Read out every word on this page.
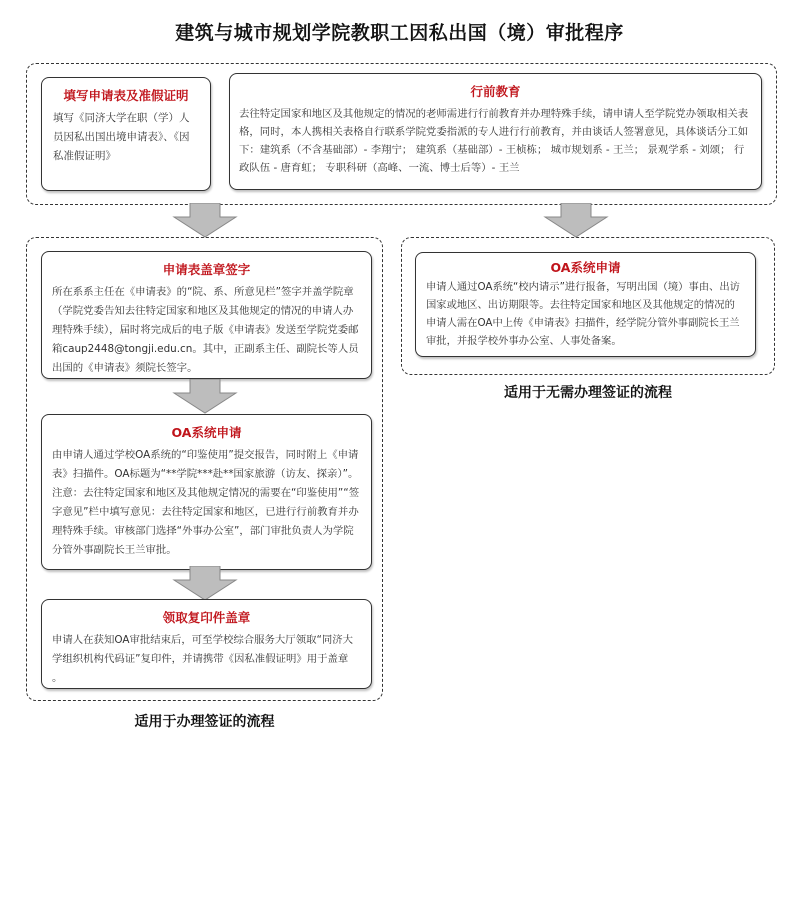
建筑与城市规划学院教职工因私出国（境）审批程序
填写申请表及准假证明
填写《同济大学在职（学）人员因私出国出境申请表》、《因私准假证明》
行前教育
去往特定国家和地区及其他规定的情况的老师需进行行前教育并办理特殊手续，请申请人至学院党办领取相关表格，同时，本人携相关表格自行联系学院党委指派的专人进行行前教育，并由谈话人签署意见，具体谈话分工如下：建筑系（不含基础部）- 李翔宁； 建筑系（基础部）- 王桢栋； 城市规划系 - 王兰； 景观学系 - 刘颂； 行政队伍 - 唐育虹； 专职科研（高峰、一流、博士后等）- 王兰
申请表盖章签字
所在系系主任在《申请表》的“院、系、所意见栏”签字并盖学院章（学院党委告知去往特定国家和地区及其他规定的情况的申请人办理特殊手续），届时将完成后的电子版《申请表》发送至学院党委邮箱caup2448@tongji.edu.cn。其中，正副系主任、副院长等人员出国的《申请表》须院长签字。
OA系统申请
由申请人通过学校OA系统的“印鉴使用”提交报告，同时附上《申请表》扫描件。OA标题为“**学院***赴**国家旅游（访友、探亲）”。注意：去往特定国家和地区及其他规定情况的需要在“印鉴使用”“签字意见”栏中填写意见：去往特定国家和地区，已进行行前教育并办理特殊手续。审核部门选择“外事办公室”，部门审批负责人为学院分管外事副院长王兰审批。
领取复印件盖章
申请人在获知OA审批结束后，可至学校综合服务大厅领取“同济大学组织机构代码证”复印件，并请携带《因私准假证明》用于盖章 。
适用于办理签证的流程
OA系统申请
申请人通过OA系统“校内请示”进行报备，写明出国（境）事由、出访国家或地区、出访期限等。去往特定国家和地区及其他规定的情况的申请人需在OA中上传《申请表》扫描件，经学院分管外事副院长王兰审批，并报学校外事办公室、人事处备案。
适用于无需办理签证的流程
